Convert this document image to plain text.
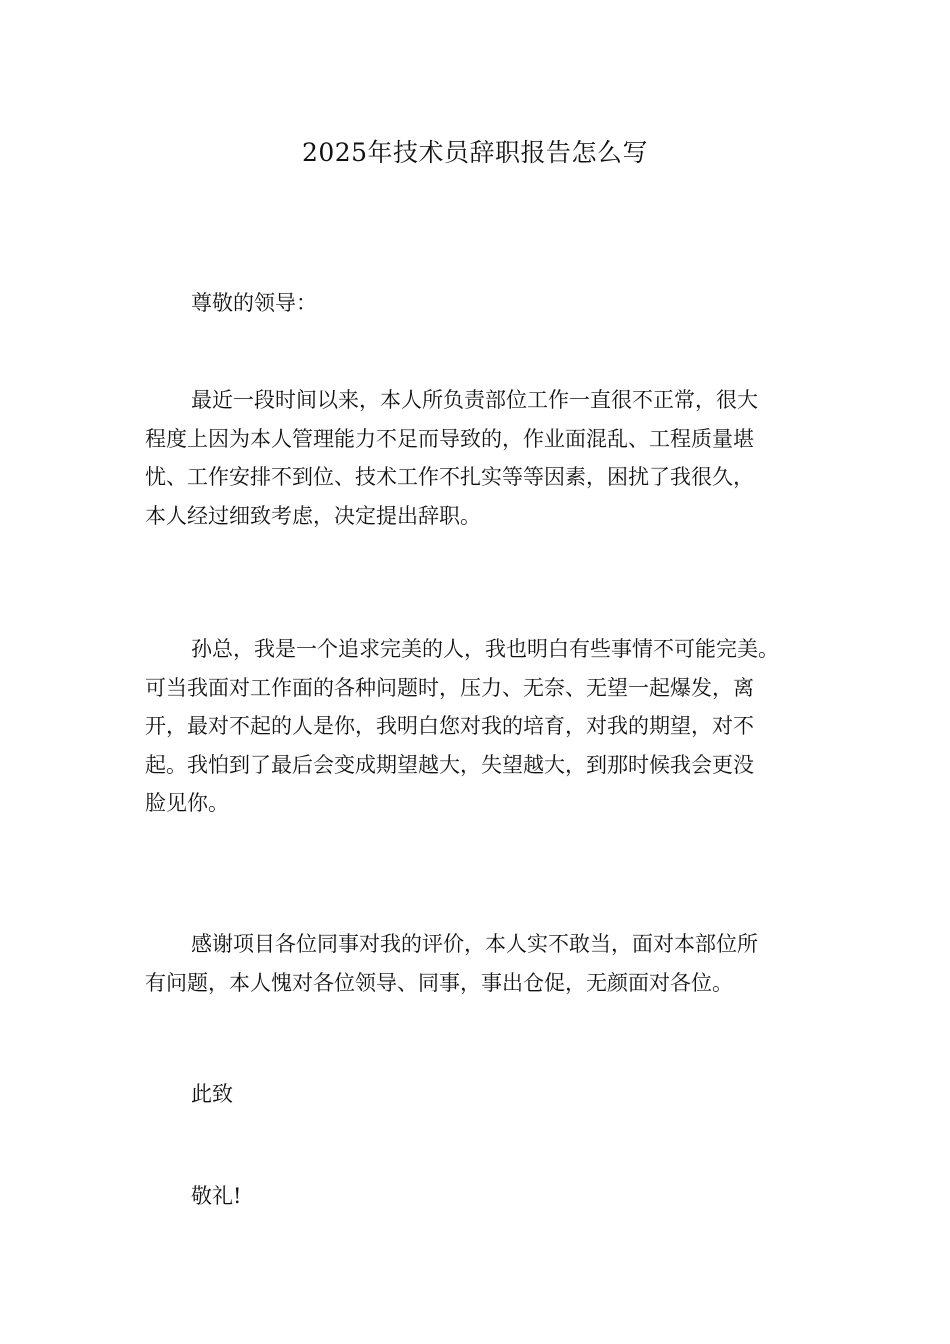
2025年技术员辞职报告怎么写
尊敬的领导：
最近一段时间以来，本人所负责部位工作一直很不正常，很大
程度上因为本人管理能力不足而导致的，作业面混乱、工程质量堪
忧、工作安排不到位、技术工作不扎实等等因素，困扰了我很久，
本人经过细致考虑，决定提出辞职。
孙总，我是一个追求完美的人，我也明白有些事情不可能完美。
可当我面对工作面的各种问题时，压力、无奈、无望一起爆发，离
开，最对不起的人是你，我明白您对我的培育，对我的期望，对不
起。我怕到了最后会变成期望越大，失望越大，到那时候我会更没
脸见你。
感谢项目各位同事对我的评价，本人实不敢当，面对本部位所
有问题，本人愧对各位领导、同事，事出仓促，无颜面对各位。
此致
敬礼!
